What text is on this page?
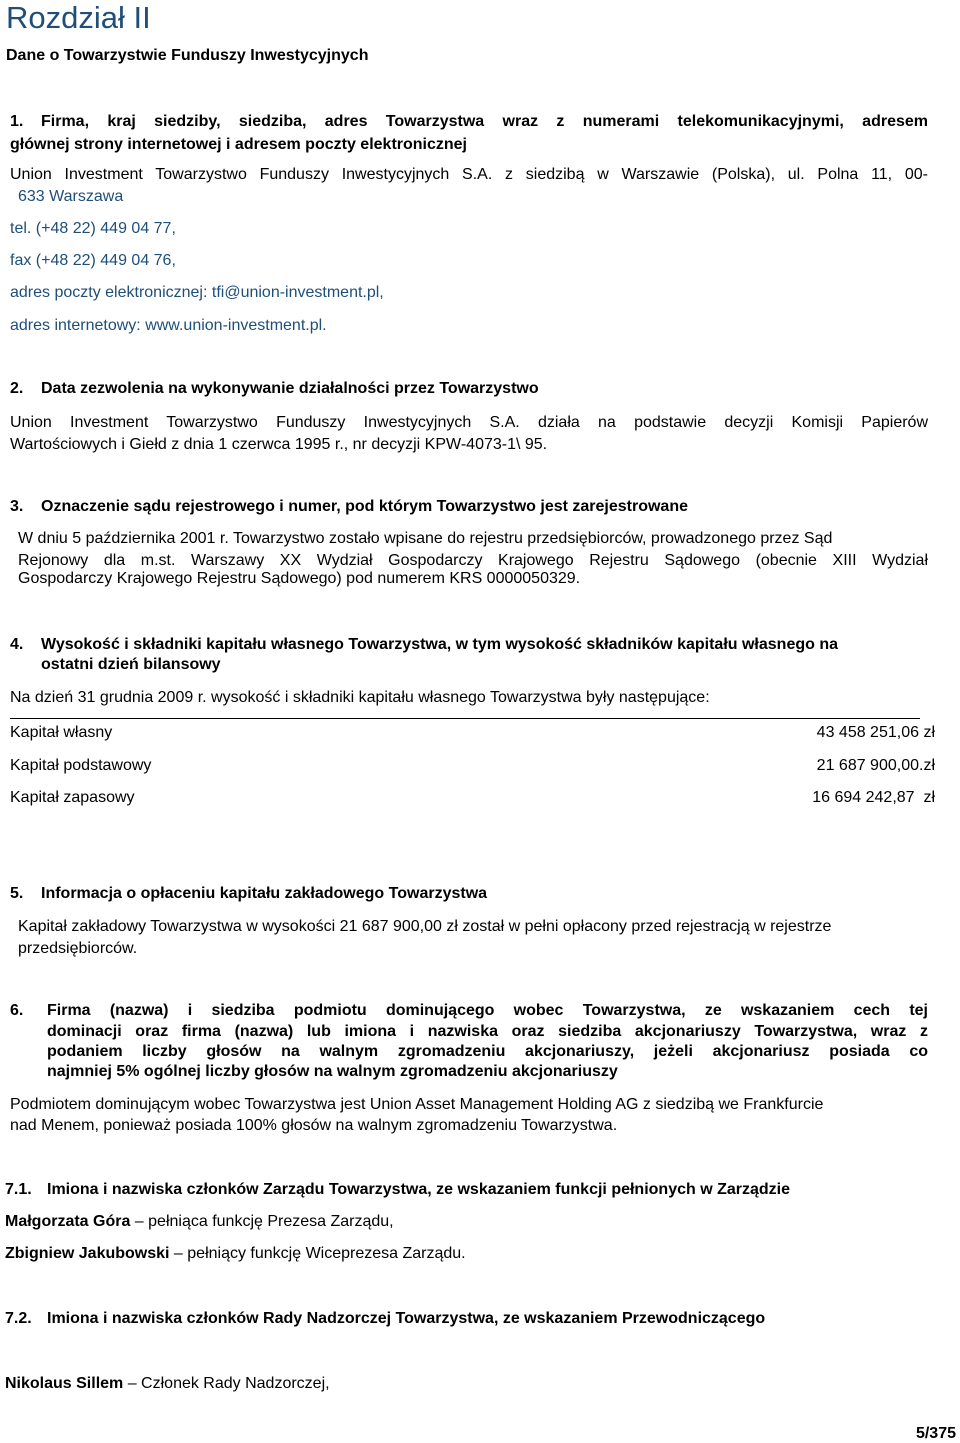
Rozdział II
Dane o Towarzystwie Funduszy Inwestycyjnych
1. Firma, kraj siedziby, siedziba, adres Towarzystwa wraz z numerami telekomunikacyjnymi, adresem
głównej strony internetowej i adresem poczty elektronicznej
Union Investment Towarzystwo Funduszy Inwestycyjnych S.A. z siedzibą w Warszawie (Polska), ul. Polna 11, 00-
633 Warszawa
tel. (+48 22) 449 04 77,
fax (+48 22) 449 04 76,
adres poczty elektronicznej: tfi@union-investment.pl,
adres internetowy: www.union-investment.pl.
2. Data zezwolenia na wykonywanie działalności przez Towarzystwo
Union Investment Towarzystwo Funduszy Inwestycyjnych S.A. działa na podstawie decyzji Komisji Papierów
Wartościowych i Giełd z dnia 1 czerwca 1995 r., nr decyzji KPW-4073-1\ 95.
3. Oznaczenie sądu rejestrowego i numer, pod którym Towarzystwo jest zarejestrowane
W dniu 5 października 2001 r. Towarzystwo zostało wpisane do rejestru przedsiębiorców, prowadzonego przez Sąd
Rejonowy dla m.st. Warszawy XX Wydział Gospodarczy Krajowego Rejestru Sądowego (obecnie XIII Wydział
Gospodarczy Krajowego Rejestru Sądowego) pod numerem KRS 0000050329.
4. Wysokość i składniki kapitału własnego Towarzystwa, w tym wysokość składników kapitału własnego na
ostatni dzień bilansowy
Na dzień 31 grudnia 2009 r. wysokość i składniki kapitału własnego Towarzystwa były następujące:
Kapitał własny	43 458 251,06 zł
Kapitał podstawowy	21 687 900,00.zł
Kapitał zapasowy	16 694 242,87  zł
5. Informacja o opłaceniu kapitału zakładowego Towarzystwa
Kapitał zakładowy Towarzystwa w wysokości 21 687 900,00 zł został w pełni opłacony przed rejestracją w rejestrze
przedsiębiorców.
6. Firma (nazwa) i siedziba podmiotu dominującego wobec Towarzystwa, ze wskazaniem cech tej
dominacji oraz firma (nazwa) lub imiona i nazwiska oraz siedziba akcjonariuszy Towarzystwa, wraz z
podaniem liczby głosów na walnym zgromadzeniu akcjonariuszy, jeżeli akcjonariusz posiada co
najmniej 5% ogólnej liczby głosów na walnym zgromadzeniu akcjonariuszy
Podmiotem dominującym wobec Towarzystwa jest Union Asset Management Holding AG z siedzibą we Frankfurcie
nad Menem, ponieważ posiada 100% głosów na walnym zgromadzeniu Towarzystwa.
7.1. Imiona i nazwiska członków Zarządu Towarzystwa, ze wskazaniem funkcji pełnionych w Zarządzie
Małgorzata Góra – pełniąca funkcję Prezesa Zarządu,
Zbigniew Jakubowski – pełniący funkcję Wiceprezesa Zarządu.
7.2. Imiona i nazwiska członków Rady Nadzorczej Towarzystwa, ze wskazaniem Przewodniczącego
Nikolaus Sillem – Członek Rady Nadzorczej,
5/375
